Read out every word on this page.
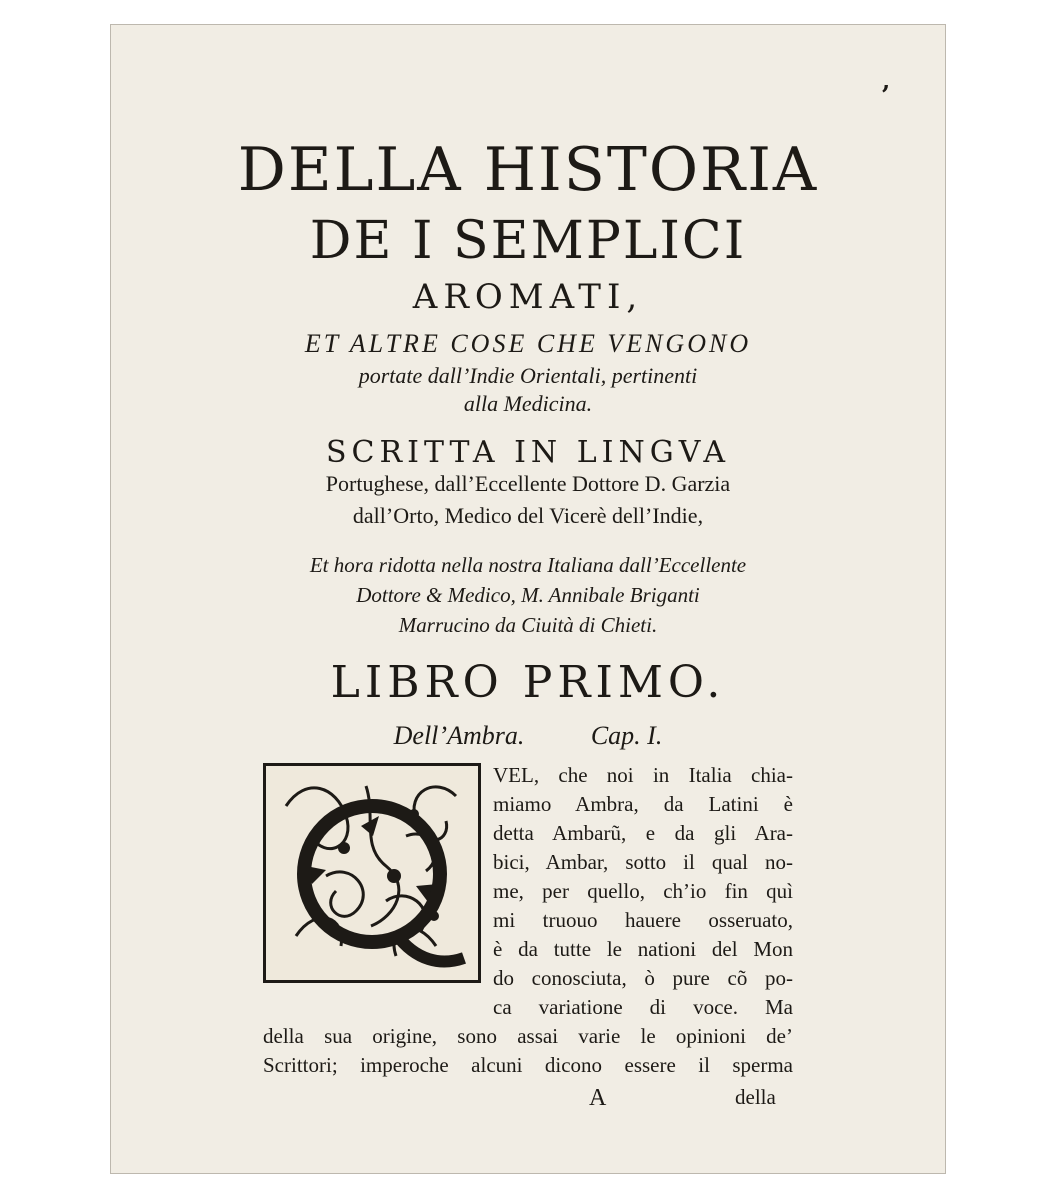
’
DELLA HISTORIA
DE I SEMPLICI
AROMATI,
ET ALTRE COSE CHE VENGONO
portate dall’Indie Orientali, pertinenti
alla Medicina.
SCRITTA IN LINGVA
Portughese, dall’Eccellente Dottore D. Garzia
dall’Orto, Medico del Vicerè dell’Indie,
Et hora ridotta nella nostra Italiana dall’Eccellente
Dottore & Medico, M. Annibale Briganti
Marrucino da Ciuità di Chieti.
LIBRO PRIMO.
Dell’Ambra.	Cap. I.
VEL, che noi in Italia chia-
miamo Ambra, da Latini è
detta Ambarũ, e da gli Ara-
bici, Ambar, sotto il qual no-
me, per quello, ch’io fin quì
mi truouo hauere osseruato,
è da tutte le nationi del Mon
do conosciuta, ò pure cõ po-
ca variatione di voce. Ma
della sua origine, sono assai varie le opinioni de’
Scrittori; imperoche alcuni dicono essere il sperma
A	della
